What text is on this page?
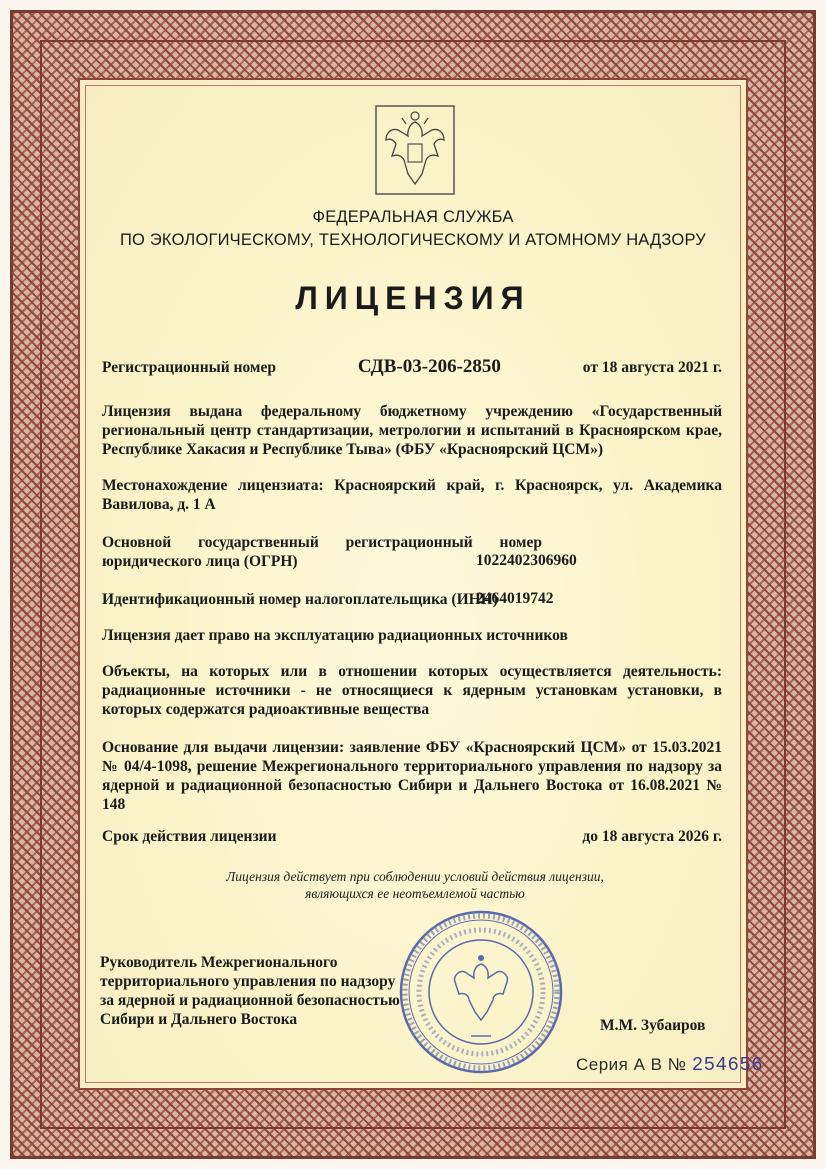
ФЕДЕРАЛЬНАЯ СЛУЖБА
ПО ЭКОЛОГИЧЕСКОМУ, ТЕХНОЛОГИЧЕСКОМУ И АТОМНОМУ НАДЗОРУ
ЛИЦЕНЗИЯ
Регистрационный номер	СДВ-03-206-2850	от 18 августа 2021 г.
Лицензия выдана федеральному бюджетному учреждению «Государственный региональный центр стандартизации, метрологии и испытаний в Красноярском крае, Республике Хакасия и Республике Тыва» (ФБУ «Красноярский ЦСМ»)
Местонахождение лицензиата: Красноярский край, г. Красноярск, ул. Академика Вавилова, д. 1 А
Основной государственный регистрационный номер
юридического лица (ОГРН)	1022402306960
Идентификационный номер налогоплательщика (ИНН)
2464019742
Лицензия дает право на эксплуатацию радиационных источников
Объекты, на которых или в отношении которых осуществляется деятельность: радиационные источники - не относящиеся к ядерным установкам установки, в которых содержатся радиоактивные вещества
Основание для выдачи лицензии: заявление ФБУ «Красноярский ЦСМ» от 15.03.2021 № 04/4-1098, решение Межрегионального территориального управления по надзору за ядерной и радиационной безопасностью Сибири и Дальнего Востока от 16.08.2021 № 148
Срок действия лицензии	до 18 августа 2026 г.
Лицензия действует при соблюдении условий действия лицензии,
являющихся ее неотъемлемой частью
Руководитель Межрегионального
территориального управления по надзору
за ядерной и радиационной безопасностью
Сибири и Дальнего Востока	М.М. Зубаиров
Серия А В № 254656
